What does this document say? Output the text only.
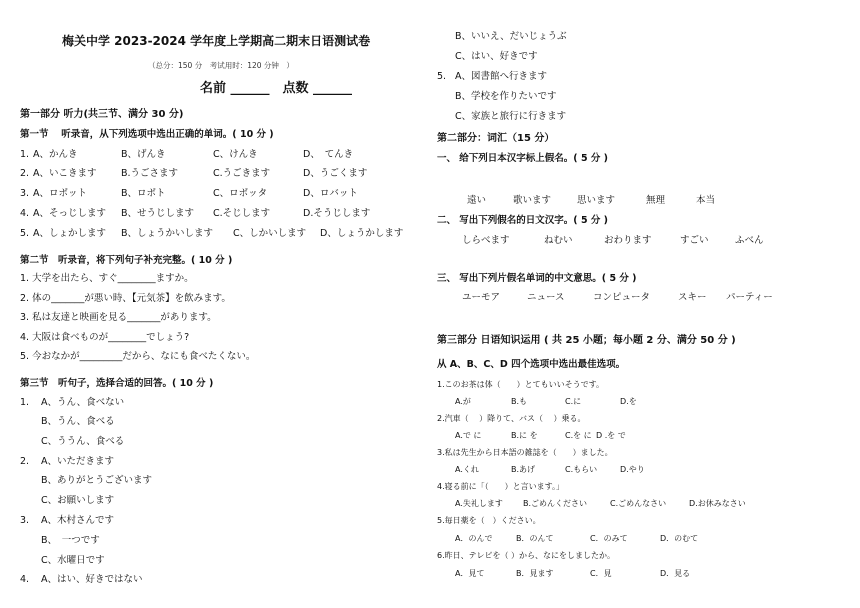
梅关中学 2023-2024 学年度上学期高二期末日语测试卷
（总分：150 分　考试用时：120 分钟　）
名前 ______　点数 ______
第一部分 听力(共三节、满分 30 分)
第一节　 听录音，从下列选项中选出正确的单词。( 10 分 )
1. A、かんき	B、げんき	C、けんき	D、　てんき
2. A、いこきます	B.うごさます	C.うごきます	D、うごくます
3. A、ロボット	B、ロボト	C、ロボッタ	D、ロバット
4. A、そっじします B、せうじします C.そじします	D.そうじします
5. A、しょかします B、しょうかいします C、しかいします D、しょうかします
第二节　听录音，将下列句子补充完整。( 10 分 )
1. 大学を出たら、すぐ________ますか。
2. 体の_______が悪い時、【元気茶】を飲みます。
3. 私は友達と映画を見る_______があります。
4. 大阪は食べものが________でしょう?
5. 今おなかが_________だから、なにも食べたくない。
第三节　听句子，选择合适的回答。( 10 分 )
1. A、うん、食べない
B、うん、食べる
C、ううん、食べる
2. A、いただきます
B、ありがとうございます
C、お願いします
3. A、木村さんです
B、　一つです
C、水曜日です
4. A、はい、好きではない
B、いいえ、だいじょうぶ
C、はい、好きです
5. A、図書館へ行きます
B、学校を作りたいです
C、家族と旅行に行きます
第二部分：词汇（15 分）
一、 给下列日本汉字标上假名。( 5 分 )
遠い	歌います	思います	無理	本当
二、 写出下列假名的日文汉字。( 5 分 )
しらべます	ねむい	おわります	すごい	ふべん
三、 写出下列片假名单词的中文意思。( 5 分 )
ユーモア	ニュース	コンピュータ	スキー パーティー
第三部分 日语知识运用 ( 共 25 小题；每小题 2 分、满分 50 分 )
从 A、B、C、D 四个选项中选出最佳选项。
1.このお茶は体（　　）とてもいいそうです。
A.が	B.も	C.に	D.を
2.汽車（　 ）降りて、バス（　 ）乗る。
A.で に	B.に を	C.を に D .を で
3.私は先生から日本語の雑誌を（　　）ました。
A.くれ	B.あげ	C.もらい	D.やり
4.寝る前に「（　　）と言います。」
A.失礼します	B.ごめんください	C.ごめんなさい	D.お休みなさい
5.毎日薬を（　）ください。
A．のんで	B．のんて	C．のみて	D．のむて
6.昨日、テレビを（ ）から、なにをしましたか。
A．見て	B．見ます	C．見	D．見る
